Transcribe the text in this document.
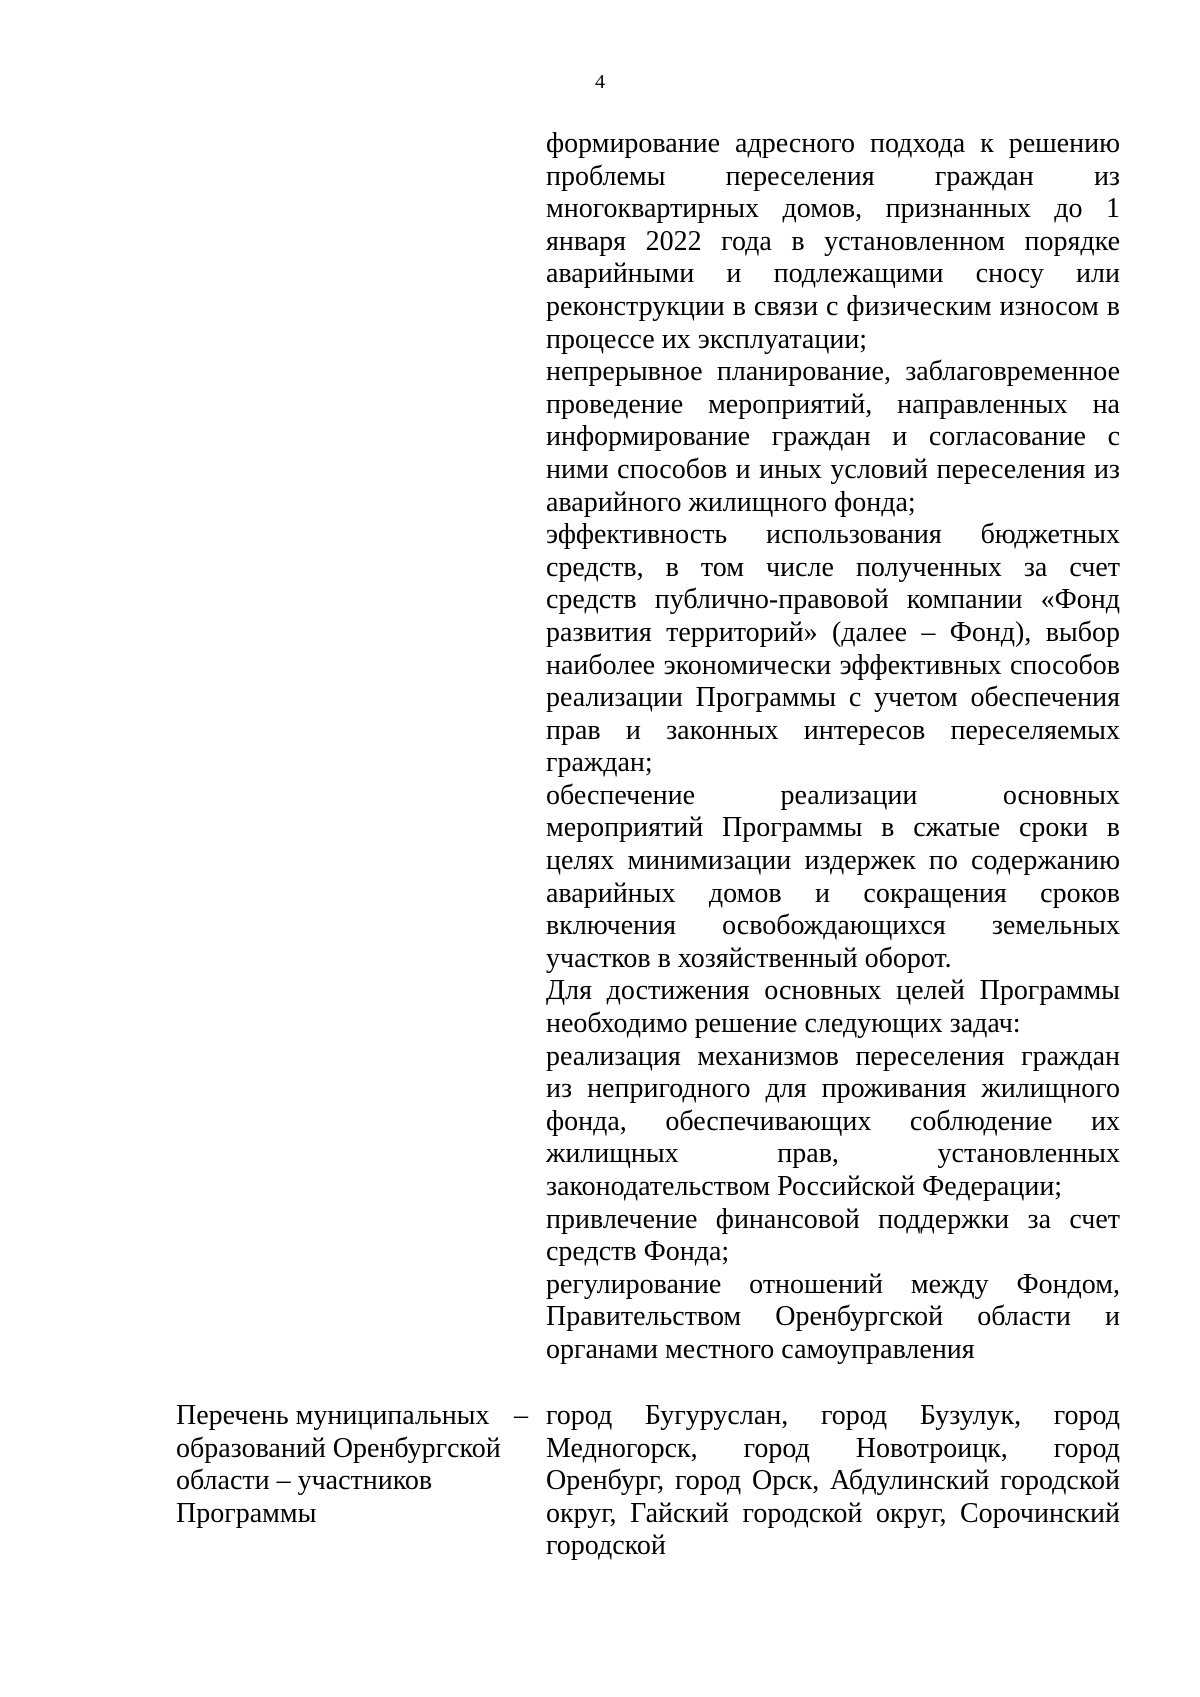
4

формирование адресного подхода к решению проблемы переселения граждан из многоквартирных домов, признанных до 1 января 2022 года в установленном порядке аварийными и подлежащими сносу или реконструкции в связи с физическим износом в процессе их эксплуатации;

непрерывное планирование, заблаговременное проведение мероприятий, направленных на информирование граждан и согласование с ними способов и иных условий переселения из аварийного жилищного фонда;

эффективность использования бюджетных средств, в том числе полученных за счет средств публично-правовой компании «Фонд развития территорий» (далее – Фонд), выбор наиболее экономически эффективных способов реализации Программы с учетом обеспечения прав и законных интересов переселяемых граждан;

обеспечение реализации основных мероприятий Программы в сжатые сроки в целях минимизации издержек по содержанию аварийных домов и сокращения сроков включения освобождающихся земельных участков в хозяйственный оборот.

Для достижения основных целей Программы необходимо решение следующих задач:

реализация механизмов переселения граждан из непригодного для проживания жилищного фонда, обеспечивающих соблюдение их жилищных прав, установленных законодательством Российской Федерации;

привлечение финансовой поддержки за счет средств Фонда;

регулирование отношений между Фондом, Правительством Оренбургской области и органами местного самоуправления

Перечень муниципальных образований Оренбургской области – участников Программы

– город Бугуруслан, город Бузулук, город Медногорск, город Новотроицк, город Оренбург, город Орск, Абдулинский городской округ, Гайский городской округ, Сорочинский городской
